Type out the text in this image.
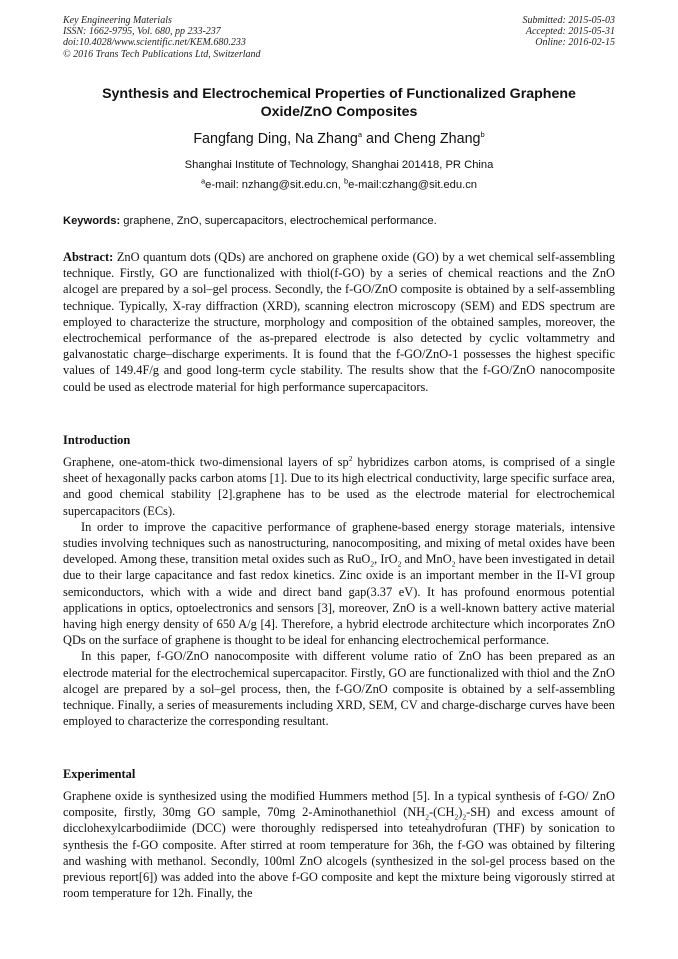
Key Engineering Materials
ISSN: 1662-9795, Vol. 680, pp 233-237
doi:10.4028/www.scientific.net/KEM.680.233
© 2016 Trans Tech Publications Ltd, Switzerland
Submitted: 2015-05-03
Accepted: 2015-05-31
Online: 2016-02-15
Synthesis and Electrochemical Properties of Functionalized Graphene
Oxide/ZnO Composites
Fangfang Ding, Na Zhang$^a$ and Cheng Zhang$^b$
Shanghai Institute of Technology, Shanghai 201418, PR China
$^a$e-mail: nzhang@sit.edu.cn, $^b$e-mail:czhang@sit.edu.cn
Keywords: graphene, ZnO, supercapacitors, electrochemical performance.

Abstract: ZnO quantum dots (QDs) are anchored on graphene oxide (GO) by a wet chemical self-assembling technique. Firstly, GO are functionalized with thiol(f-GO) by a series of chemical reactions and the ZnO alcogel are prepared by a sol–gel process. Secondly, the f-GO/ZnO composite is obtained by a self-assembling technique. Typically, X-ray diffraction (XRD), scanning electron microscopy (SEM) and EDS spectrum are employed to characterize the structure, morphology and composition of the obtained samples, moreover, the electrochemical performance of the as-prepared electrode is also detected by cyclic voltammetry and galvanostatic charge–discharge experiments. It is found that the f-GO/ZnO-1 possesses the highest specific values of 149.4F/g and good long-term cycle stability. The results show that the f-GO/ZnO nanocomposite could be used as electrode material for high performance supercapacitors.

Introduction

Graphene, one-atom-thick two-dimensional layers of $sp^2$ hybridizes carbon atoms, is comprised of a single sheet of hexagonally packs carbon atoms [1]. Due to its high electrical conductivity, large specific surface area, and good chemical stability [2].graphene has to be used as the electrode material for electrochemical supercapacitors (ECs).

In order to improve the capacitive performance of graphene-based energy storage materials, intensive studies involving techniques such as nanostructuring, nanocompositing, and mixing of metal oxides have been developed. Among these, transition metal oxides such as RuO$_2$, IrO$_2$ and MnO$_2$ have been investigated in detail due to their large capacitance and fast redox kinetics. Zinc oxide is an important member in the II-VI group semiconductors, which with a wide and direct band gap(3.37 eV). It has profound enormous potential applications in optics, optoelectronics and sensors [3], moreover, ZnO is a well-known battery active material having high energy density of 650 A/g [4]. Therefore, a hybrid electrode architecture which incorporates ZnO QDs on the surface of graphene is thought to be ideal for enhancing electrochemical performance.

In this paper, f-GO/ZnO nanocomposite with different volume ratio of ZnO has been prepared as an electrode material for the electrochemical supercapacitor. Firstly, GO are functionalized with thiol and the ZnO alcogel are prepared by a sol–gel process, then, the f-GO/ZnO composite is obtained by a self-assembling technique. Finally, a series of measurements including XRD, SEM, CV and charge-discharge curves have been employed to characterize the corresponding resultant.

Experimental

Graphene oxide is synthesized using the modified Hummers method [5]. In a typical synthesis of f-GO/ ZnO composite, firstly, 30mg GO sample, 70mg 2-Aminothanethiol $(NH_2-(CH_2)_2-SH)$ and excess amount of dicclohexylcarbodiimide (DCC) were thoroughly redispersed into teteahydrofuran (THF) by sonication to synthesis the f-GO composite. After stirred at room temperature for 36h, the f-GO was obtained by filtering and washing with methanol. Secondly, 100ml ZnO alcogels (synthesized in the sol-gel process based on the previous report[6]) was added into the above f-GO composite and kept the mixture being vigorously stirred at room temperature for 12h. Finally, the
